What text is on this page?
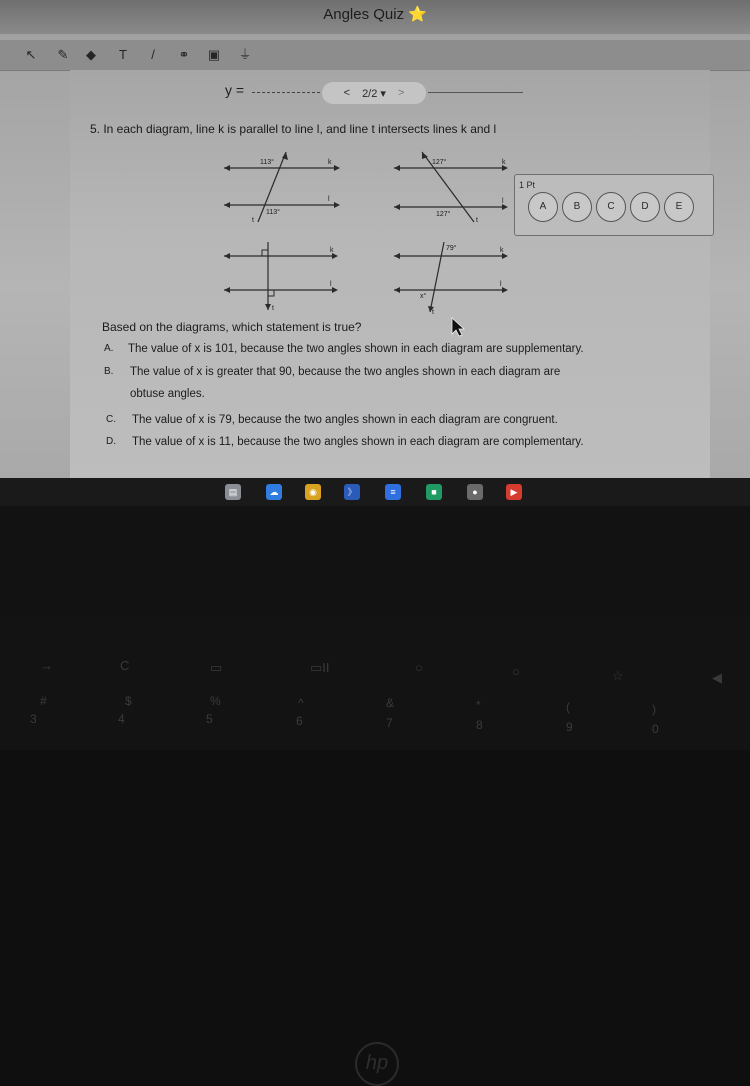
Angles Quiz ⭐
↖ ✎	◆	T	/	⚭ ▣ ⏚
y =	< 2/2 ▾ >
5. In each diagram, line k is parallel to line l, and line t intersects lines k and l
113°
113°
t
k
l
127°
127°
t
k
l
t
k
l
79°
x°
t
k
l
1 Pt
A	B	C	D	E
Based on the diagrams, which statement is true?
A. The value of x is 101, because the two angles shown in each diagram are supplementary.
B. The value of x is greater that 90, because the two angles shown in each diagram are
obtuse angles.
C. The value of x is 79, because the two angles shown in each diagram are congruent.
D. The value of x is 11, because the two angles shown in each diagram are complementary.
▤	☁	◉	》	≡	■	●	▶
hp
→	C	▭	▭II	○	○	☆	◀
#	$	%	^	&	*	(	)
3	4	5	6	7	8	9	0
